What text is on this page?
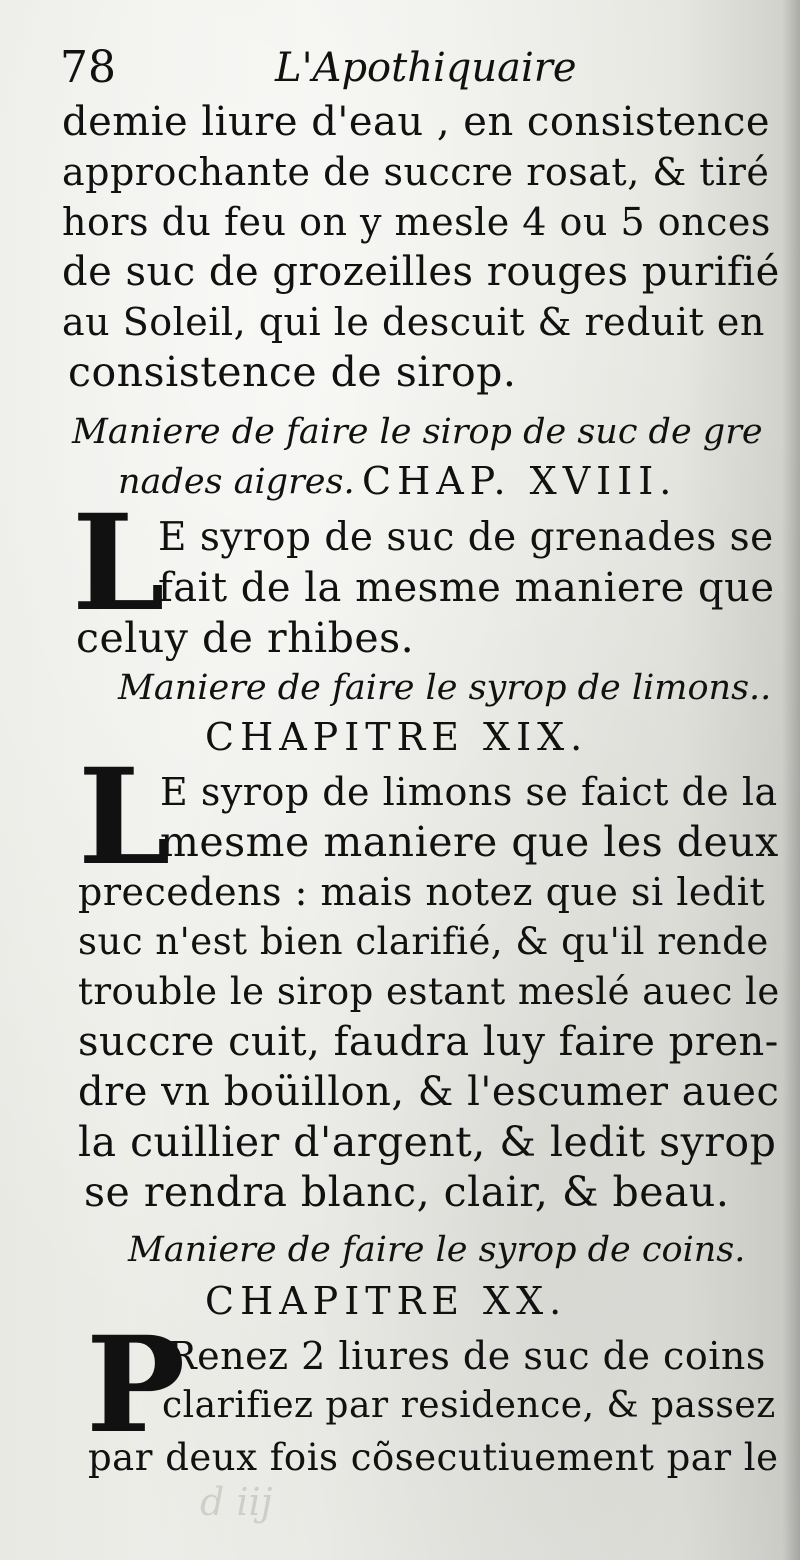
78	L'Apothiquaire
demie liure d'eau , en consistence
approchante de succre rosat, & tiré
hors du feu on y mesle 4 ou 5 onces
de suc de grozeilles rouges purifié
au Soleil, qui le descuit & reduit en
consistence de sirop.
Maniere de faire le sirop de suc de gre
nades aigres. CHAP. XVIII.
L
E syrop de suc de grenades se
fait de la mesme maniere que
celuy de rhibes.
Maniere de faire le syrop de limons..
CHAPITRE XIX.
L
E syrop de limons se faict de la
mesme maniere que les deux
precedens : mais notez que si ledit
suc n'est bien clarifié, & qu'il rende
trouble le sirop estant meslé auec le
succre cuit, faudra luy faire pren-
dre vn boüillon, & l'escumer auec
la cuillier d'argent, & ledit syrop
se rendra blanc, clair, & beau.
Maniere de faire le syrop de coins.
CHAPITRE XX.
P
Renez 2 liures de suc de coins
clarifiez par residence, & passez
par deux fois cõsecutiuement par le
d iij
